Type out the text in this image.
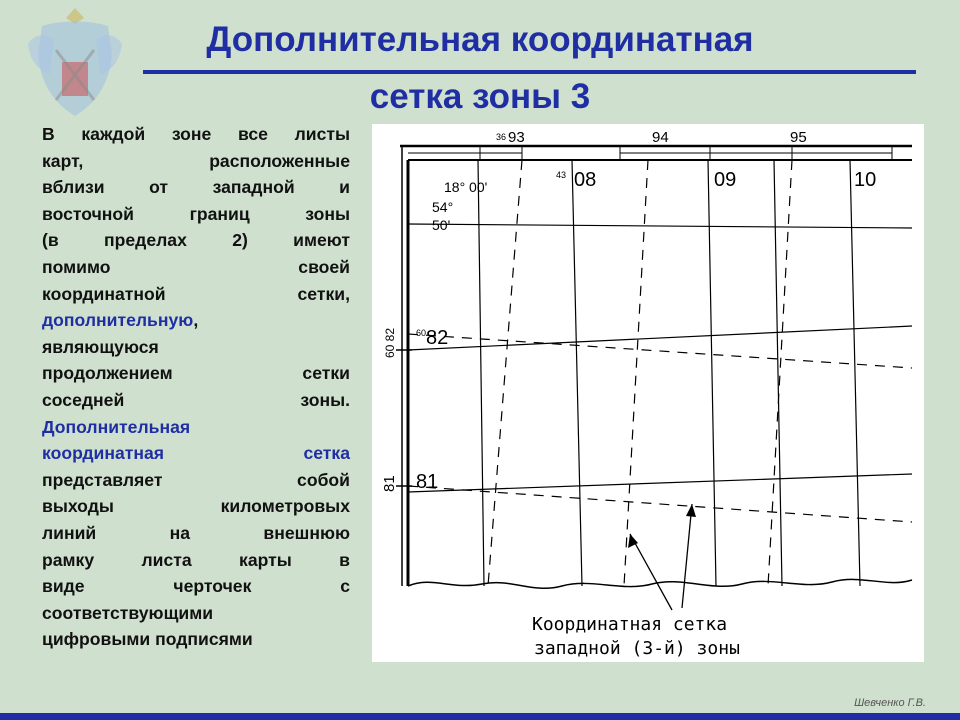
Дополнительная координатная
сетка зоны 3
В каждой зоне все листы
карт, расположенные
вблизи от западной и
восточной границ зоны
(в пределах 2) имеют
помимо своей
координатной сетки,
дополнительную,
являющуюся
продолжением сетки
соседней зоны.
Дополнительная
координатная сетка
представляет собой
выходы километровых
линий на внешнюю
рамку листа карты в
виде черточек с
соответствующими
цифровыми подписями
36 93	94	95
43 08	09	10
18° 00'
54°
50'
60 82
81
60 82
81
Координатная сетка
западной (3-й) зоны
Шевченко Г.В.
